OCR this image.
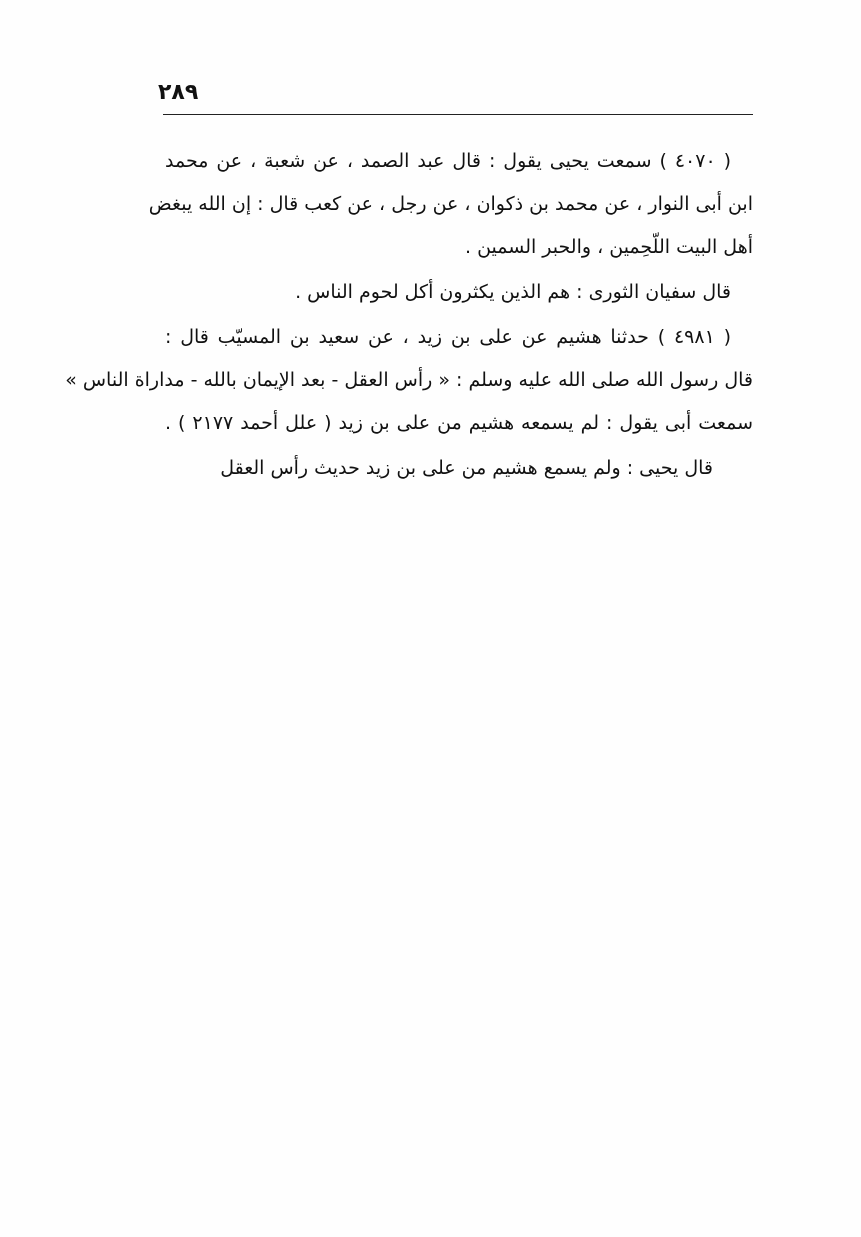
٢٨٩
( ٤٠٧٠ ) سمعت يحيى يقول : قال عبد الصمد ، عن شعبة ، عن محمد
ابن أبى النوار ، عن محمد بن ذكوان ، عن رجل ، عن كعب قال : إن الله يبغض
أهل البيت اللّحِمين ، والحبر السمين .
قال سفيان الثورى : هم الذين يكثرون أكل لحوم الناس .
( ٤٩٨١ ) حدثنا هشيم عن على بن زيد ، عن سعيد بن المسيّب قال :
قال رسول الله صلى الله عليه وسلم : « رأس العقل - بعد الإيمان بالله - مداراة الناس »
سمعت أبى يقول : لم يسمعه هشيم من على بن زيد ( علل أحمد ٢١٧٧ ) .
قال يحيى : ولم يسمع هشيم من على بن زيد حديث رأس العقل
